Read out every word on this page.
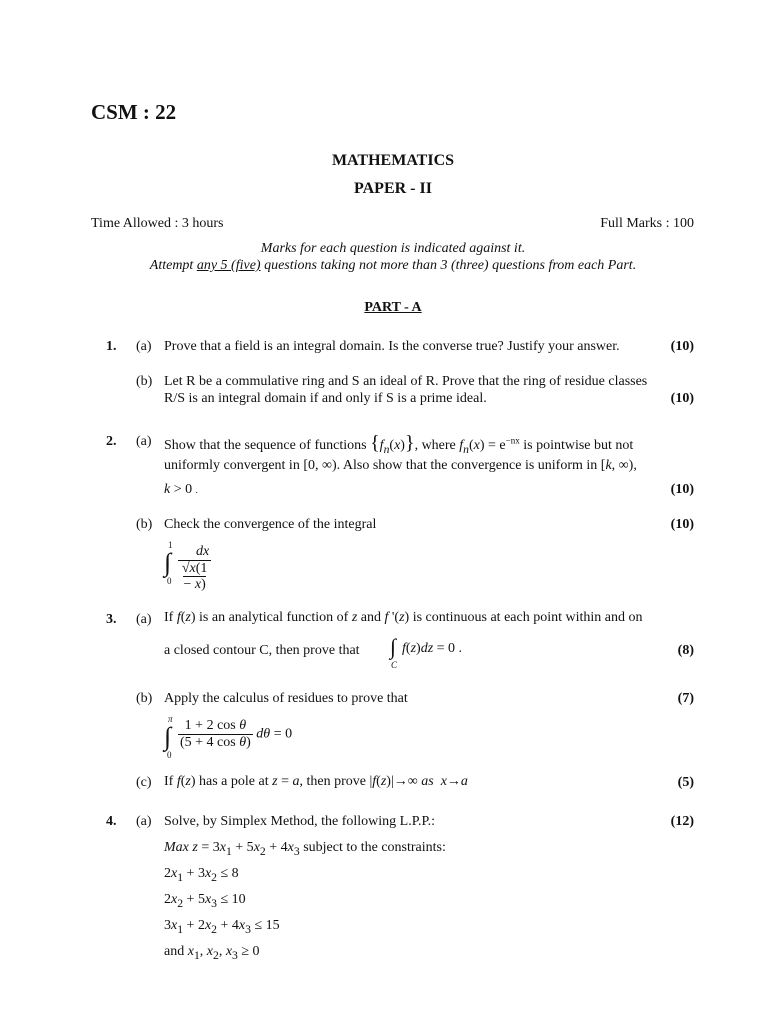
CSM : 22
MATHEMATICS
PAPER - II
Time Allowed : 3 hours	Full Marks : 100
Marks for each question is indicated against it.
Attempt any 5 (five) questions taking not more than 3 (three) questions from each Part.
PART - A
1. (a) Prove that a field is an integral domain. Is the converse true? Justify your answer.	(10)
(b) Let R be a commulative ring and S an ideal of R. Prove that the ring of residue classes
R/S is an integral domain if and only if S is a prime ideal.	(10)
2. (a) Show that the sequence of functions $\{f_n(x)\}$, where $f_n(x) = e^{-nx}$ is pointwise but not
uniformly convergent in [0, ∞). Also show that the convergence is uniform in [k, ∞),
k > 0 .	(10)
(b) Check the convergence of the integral	(10)
1
∫
$0 \frac{dx}{√x(1 - x)}$
3. (a) If f(z) is an analytical function of z and f '(z) is continuous at each point within and on
a closed contour C, then prove that ∫
C
f(z)dz = 0 .	(8)
(b) Apply the calculus of residues to prove that	(7)
π
∫
0
$\frac{\text{1 + 2 cos θ}}{\text{(5 + 4 cos θ)}}$ dθ = 0
(c) If f(z) has a pole at z = a, then prove |f(z)|→∞ as x→a	(5)
4. (a) Solve, by Simplex Method, the following L.P.P.:	(12)
Max $z = 3x_1 + 5x_2 + 4x_3$ subject to the constraints:
$2x_1 + 3x_2 \le 8$
$2x_2 + 5x_3 \le 10$
$3x_1 + 2x_2 + 4x_3 \le 15$
and $x_1$, $x_2$, $x_3 \ge 0$
